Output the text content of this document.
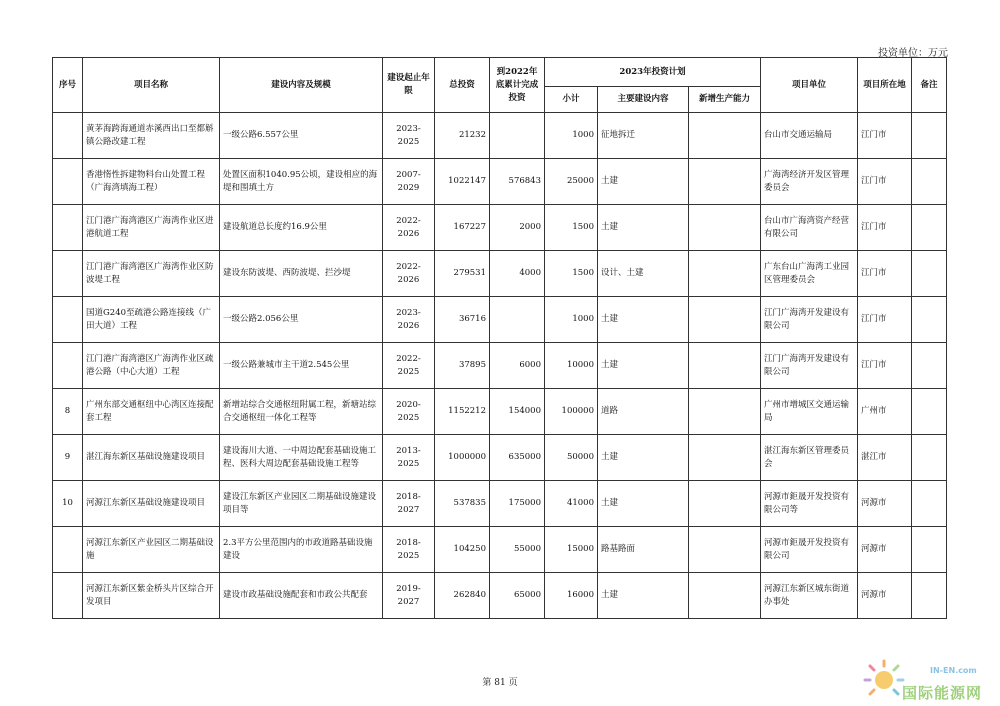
投资单位：万元
序号	项目名称	建设内容及规模	建设起止年限	总投资	到2022年底累计完成投资	2023年投资计划			项目单位	项目所在地	备注
						小计	主要建设内容	新增生产能力			
	黄茅海跨海通道赤溪西出口至都斛镇公路改建工程	一级公路6.557公里	2023-2025	21232		1000	征地拆迁		台山市交通运输局	江门市	
	香港惰性拆建物料台山处置工程（广海湾填海工程）	处置区面积1040.95公顷，建设相应的海堤和围填土方	2007-2029	1022147	576843	25000	土建		广海湾经济开发区管理委员会	江门市	
	江门港广海湾港区广海湾作业区进港航道工程	建设航道总长度约16.9公里	2022-2026	167227	2000	1500	土建		台山市广海湾资产经营有限公司	江门市	
	江门港广海湾港区广海湾作业区防波堤工程	建设东防波堤、西防波堤、拦沙堤	2022-2026	279531	4000	1500	设计、土建		广东台山广海湾工业园区管理委员会	江门市	
	国道G240至疏港公路连接线（广田大道）工程	一级公路2.056公里	2023-2026	36716		1000	土建		江门广海湾开发建设有限公司	江门市	
	江门港广海湾港区广海湾作业区疏港公路（中心大道）工程	一级公路兼城市主干道2.545公里	2022-2025	37895	6000	10000	土建		江门广海湾开发建设有限公司	江门市	
8	广州东部交通枢纽中心湾区连接配套工程	新增站综合交通枢纽附属工程，新塘站综合交通枢纽一体化工程等	2020-2025	1152212	154000	100000	道路		广州市增城区交通运输局	广州市	
9	湛江海东新区基础设施建设项目	建设海川大道、一中周边配套基础设施工程、医科大周边配套基础设施工程等	2013-2025	1000000	635000	50000	土建		湛江海东新区管理委员会	湛江市	
10	河源江东新区基础设施建设项目	建设江东新区产业园区二期基础设施建设项目等	2018-2027	537835	175000	41000	土建		河源市鉅晟开发投资有限公司等	河源市	
	河源江东新区产业园区二期基础设施	2.3平方公里范围内的市政道路基础设施建设	2018-2025	104250	55000	15000	路基路面		河源市鉅晟开发投资有限公司	河源市	
	河源江东新区紫金桥头片区综合开发项目	建设市政基础设施配套和市政公共配套	2019-2027	262840	65000	16000	土建		河源江东新区城东街道办事处	河源市	
第 81 页
IN-EN.com
国际能源网
